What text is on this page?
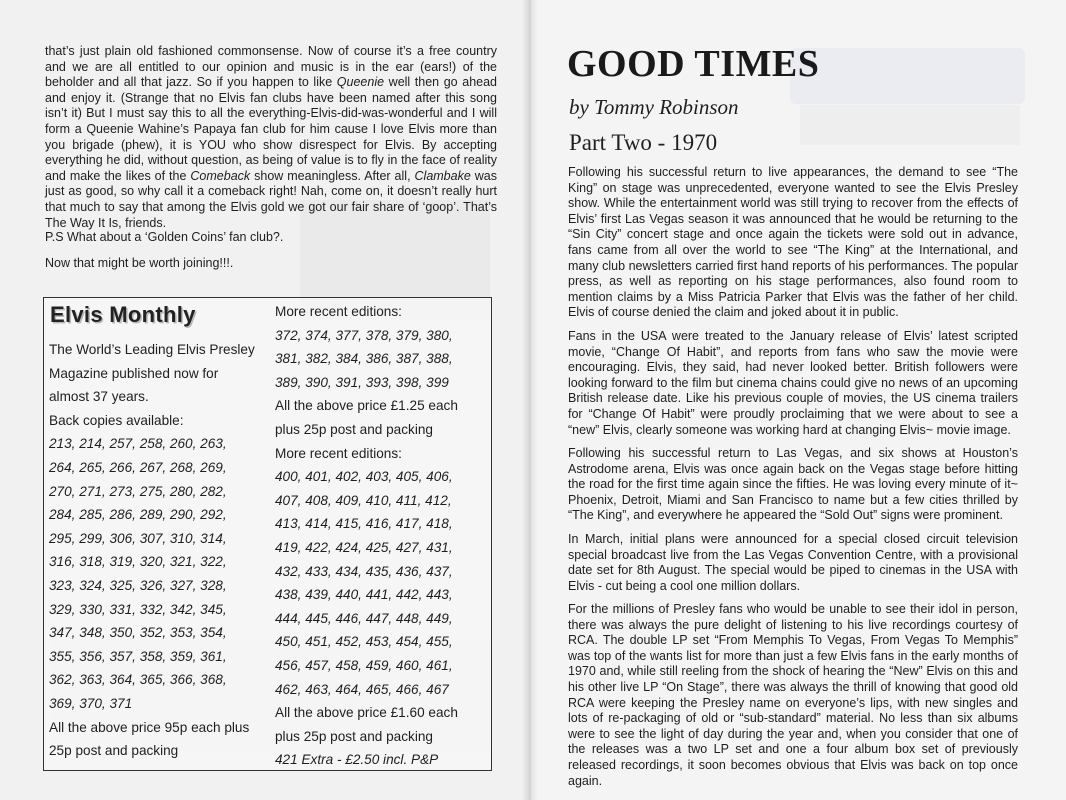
that’s just plain old fashioned commonsense. Now of course it’s a free country and we are all entitled to our opinion and music is in the ear (ears!) of the beholder and all that jazz. So if you happen to like Queenie well then go ahead and enjoy it. (Strange that no Elvis fan clubs have been named after this song isn’t it) But I must say this to all the everything-Elvis-did-was-wonderful and I will form a Queenie Wahine’s Papaya fan club for him cause I love Elvis more than you brigade (phew), it is YOU who show disrespect for Elvis. By accepting everything he did, without question, as being of value is to fly in the face of reality and make the likes of the Comeback show meaningless. After all, Clambake was just as good, so why call it a comeback right! Nah, come on, it doesn’t really hurt that much to say that among the Elvis gold we got our fair share of ‘goop’. That’s The Way It Is, friends.
P.S What about a ‘Golden Coins’ fan club?.
Now that might be worth joining!!!.
Elvis Monthly
The World’s Leading Elvis Presley
Magazine published now for
almost 37 years.
Back copies available:
213, 214, 257, 258, 260, 263,
264, 265, 266, 267, 268, 269,
270, 271, 273, 275, 280, 282,
284, 285, 286, 289, 290, 292,
295, 299, 306, 307, 310, 314,
316, 318, 319, 320, 321, 322,
323, 324, 325, 326, 327, 328,
329, 330, 331, 332, 342, 345,
347, 348, 350, 352, 353, 354,
355, 356, 357, 358, 359, 361,
362, 363, 364, 365, 366, 368,
369, 370, 371
All the above price 95p each plus
25p post and packing
More recent editions:
372, 374, 377, 378, 379, 380,
381, 382, 384, 386, 387, 388,
389, 390, 391, 393, 398, 399
All the above price £1.25 each
plus 25p post and packing
More recent editions:
400, 401, 402, 403, 405, 406,
407, 408, 409, 410, 411, 412,
413, 414, 415, 416, 417, 418,
419, 422, 424, 425, 427, 431,
432, 433, 434, 435, 436, 437,
438, 439, 440, 441, 442, 443,
444, 445, 446, 447, 448, 449,
450, 451, 452, 453, 454, 455,
456, 457, 458, 459, 460, 461,
462, 463, 464, 465, 466, 467
All the above price £1.60 each
plus 25p post and packing
421 Extra - £2.50 incl. P&P
GOOD TIMES
by Tommy Robinson
Part Two - 1970
Following his successful return to live appearances, the demand to see “The King” on stage was unprecedented, everyone wanted to see the Elvis Presley show. While the entertainment world was still trying to recover from the effects of Elvis’ first Las Vegas season it was announced that he would be returning to the “Sin City” concert stage and once again the tickets were sold out in advance, fans came from all over the world to see “The King” at the International, and many club newsletters carried first hand reports of his performances. The popular press, as well as reporting on his stage performances, also found room to mention claims by a Miss Patricia Parker that Elvis was the father of her child. Elvis of course denied the claim and joked about it in public.
Fans in the USA were treated to the January release of Elvis’ latest scripted movie, “Change Of Habit”, and reports from fans who saw the movie were encouraging. Elvis, they said, had never looked better. British followers were looking forward to the film but cinema chains could give no news of an upcoming British release date. Like his previous couple of movies, the US cinema trailers for “Change Of Habit” were proudly proclaiming that we were about to see a “new” Elvis, clearly someone was working hard at changing Elvis~ movie image.
Following his successful return to Las Vegas, and six shows at Houston’s Astrodome arena, Elvis was once again back on the Vegas stage before hitting the road for the first time again since the fifties. He was loving every minute of it~ Phoenix, Detroit, Miami and San Francisco to name but a few cities thrilled by “The King”, and everywhere he appeared the “Sold Out” signs were prominent.
In March, initial plans were announced for a special closed circuit television special broadcast live from the Las Vegas Convention Centre, with a provisional date set for 8th August. The special would be piped to cinemas in the USA with Elvis - cut being a cool one million dollars.
For the millions of Presley fans who would be unable to see their idol in person, there was always the pure delight of listening to his live recordings courtesy of RCA. The double LP set “From Memphis To Vegas, From Vegas To Memphis” was top of the wants list for more than just a few Elvis fans in the early months of 1970 and, while still reeling from the shock of hearing the “New” Elvis on this and his other live LP “On Stage”, there was always the thrill of knowing that good old RCA were keeping the Presley name on everyone’s lips, with new singles and lots of re-packaging of old or “sub-standard” material. No less than six albums were to see the light of day during the year and, when you consider that one of the releases was a two LP set and one a four album box set of previously released recordings, it soon becomes obvious that Elvis was back on top once again.
